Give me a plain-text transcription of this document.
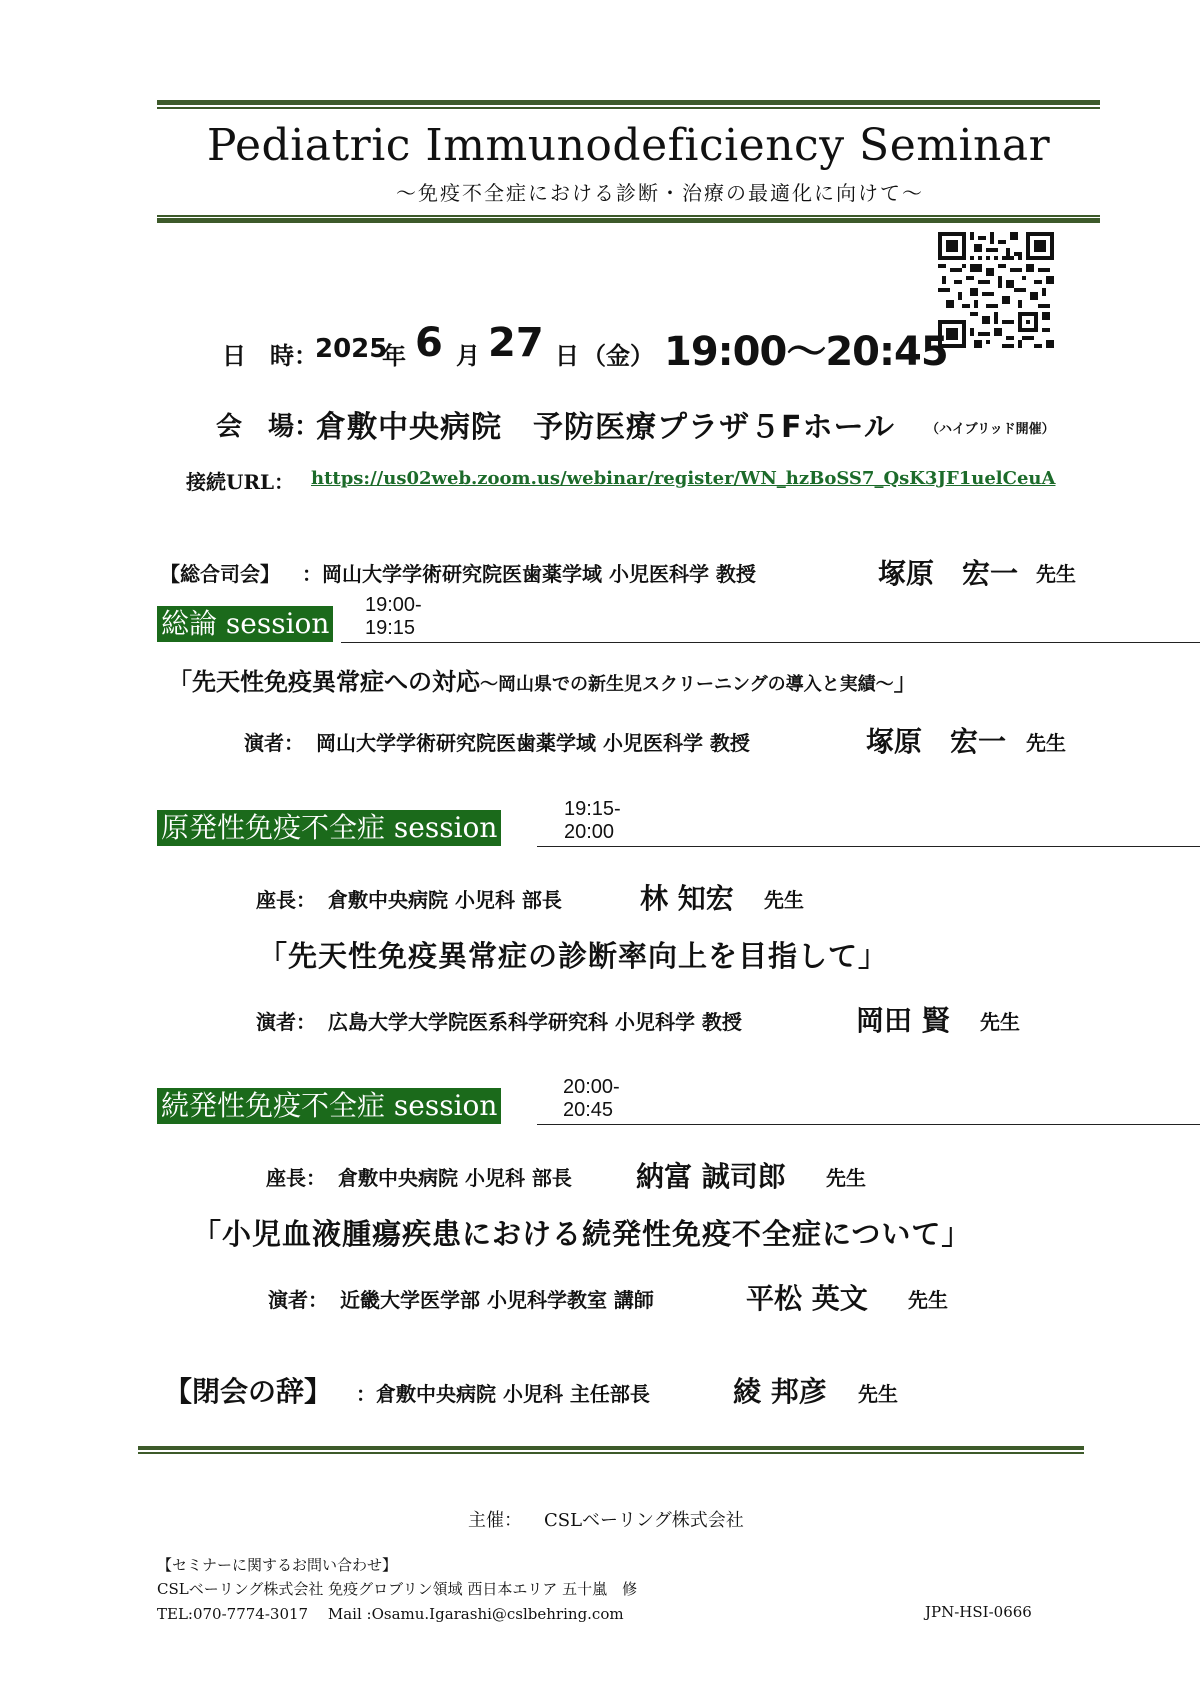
Pediatric Immunodeficiency Seminar
～免疫不全症における診断・治療の最適化に向けて～
日　時：
2025
年 6 月 27 日 （金） 19:00～20:45
会　場：
倉敷中央病院　予防医療プラザ５Fホール （ハイブリッド開催）
接続URL： https://us02web.zoom.us/webinar/register/WN_hzBoSS7_QsK3JF1uelCeuA
【総合司会】 ：岡山大学学術研究院医歯薬学域 小児医科学 教授	塚原　宏一 先生
総論 session
19:00-19:15
「先天性免疫異常症への対応～岡山県での新生児スクリーニングの導入と実績～」
演者： 岡山大学学術研究院医歯薬学域 小児医科学 教授	塚原　宏一 先生
原発性免疫不全症 session
19:15-20:00
座長： 倉敷中央病院 小児科 部長	林 知宏 先生
「先天性免疫異常症の診断率向上を目指して」
演者： 広島大学大学院医系科学研究科 小児科学 教授	岡田 賢 先生
続発性免疫不全症 session
20:00-20:45
座長： 倉敷中央病院 小児科 部長 納富 誠司郎 先生
「小児血液腫瘍疾患における続発性免疫不全症について」
演者： 近畿大学医学部 小児科学教室 講師	平松 英文 先生
【閉会の辞】 ：倉敷中央病院 小児科 主任部長	綾 邦彦 先生
主催： CSLベーリング株式会社
【セミナーに関するお問い合わせ】
CSLベーリング株式会社 免疫グロブリン領域 西日本エリア 五十嵐　修
TEL:070-7774-3017　 Mail :Osamu.Igarashi@cslbehring.com	JPN-HSI-0666
